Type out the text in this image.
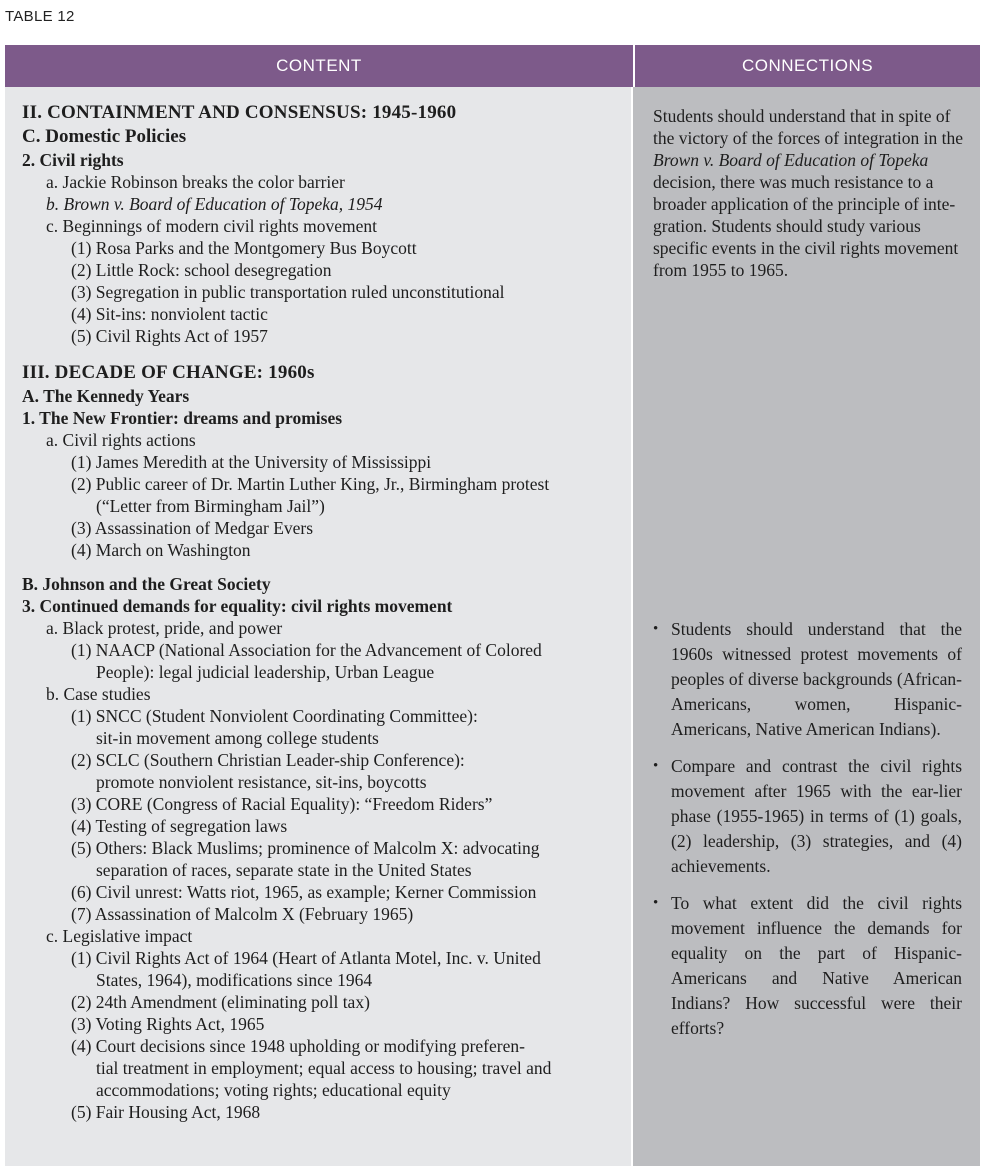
TABLE 12
CONTENT	CONNECTIONS
II. CONTAINMENT AND CONSENSUS: 1945-1960
C. Domestic Policies
2. Civil rights
a. Jackie Robinson breaks the color barrier
b. Brown v. Board of Education of Topeka, 1954
c. Beginnings of modern civil rights movement
(1) Rosa Parks and the Montgomery Bus Boycott
(2) Little Rock: school desegregation
(3) Segregation in public transportation ruled unconstitutional
(4) Sit-ins: nonviolent tactic
(5) Civil Rights Act of 1957
III. DECADE OF CHANGE: 1960s
A. The Kennedy Years
1. The New Frontier: dreams and promises
a. Civil rights actions
(1) James Meredith at the University of Mississippi
(2) Public career of Dr. Martin Luther King, Jr., Birmingham protest
(“Letter from Birmingham Jail”)
(3) Assassination of Medgar Evers
(4) March on Washington
B. Johnson and the Great Society
3. Continued demands for equality: civil rights movement
a. Black protest, pride, and power
(1) NAACP (National Association for the Advancement of Colored
People): legal judicial leadership, Urban League
b. Case studies
(1) SNCC (Student Nonviolent Coordinating Committee):
sit-in movement among college students
(2) SCLC (Southern Christian Leader-ship Conference):
promote nonviolent resistance, sit-ins, boycotts
(3) CORE (Congress of Racial Equality): “Freedom Riders”
(4) Testing of segregation laws
(5) Others: Black Muslims; prominence of Malcolm X: advocating
separation of races, separate state in the United States
(6) Civil unrest: Watts riot, 1965, as example; Kerner Commission
(7) Assassination of Malcolm X (February 1965)
c. Legislative impact
(1) Civil Rights Act of 1964 (Heart of Atlanta Motel, Inc. v. United
States, 1964), modifications since 1964
(2) 24th Amendment (eliminating poll tax)
(3) Voting Rights Act, 1965
(4) Court decisions since 1948 upholding or modifying preferen-
tial treatment in employment; equal access to housing; travel and
accommodations; voting rights; educational equity
(5) Fair Housing Act, 1968
Students should understand that in spite of the victory of the forces of integration in the Brown v. Board of Education of Topeka decision, there was much resistance to a broader application of the principle of inte-gration. Students should study various specific events in the civil rights movement from 1955 to 1965.
• Students should understand that the 1960s witnessed protest movements of peoples of diverse backgrounds (African-Americans, women, Hispanic-Americans, Native American Indians).
• Compare and contrast the civil rights movement after 1965 with the ear-lier phase (1955-1965) in terms of (1) goals, (2) leadership, (3) strategies, and (4) achievements.
• To what extent did the civil rights movement influence the demands for equality on the part of Hispanic-Americans and Native American Indians? How successful were their efforts?
